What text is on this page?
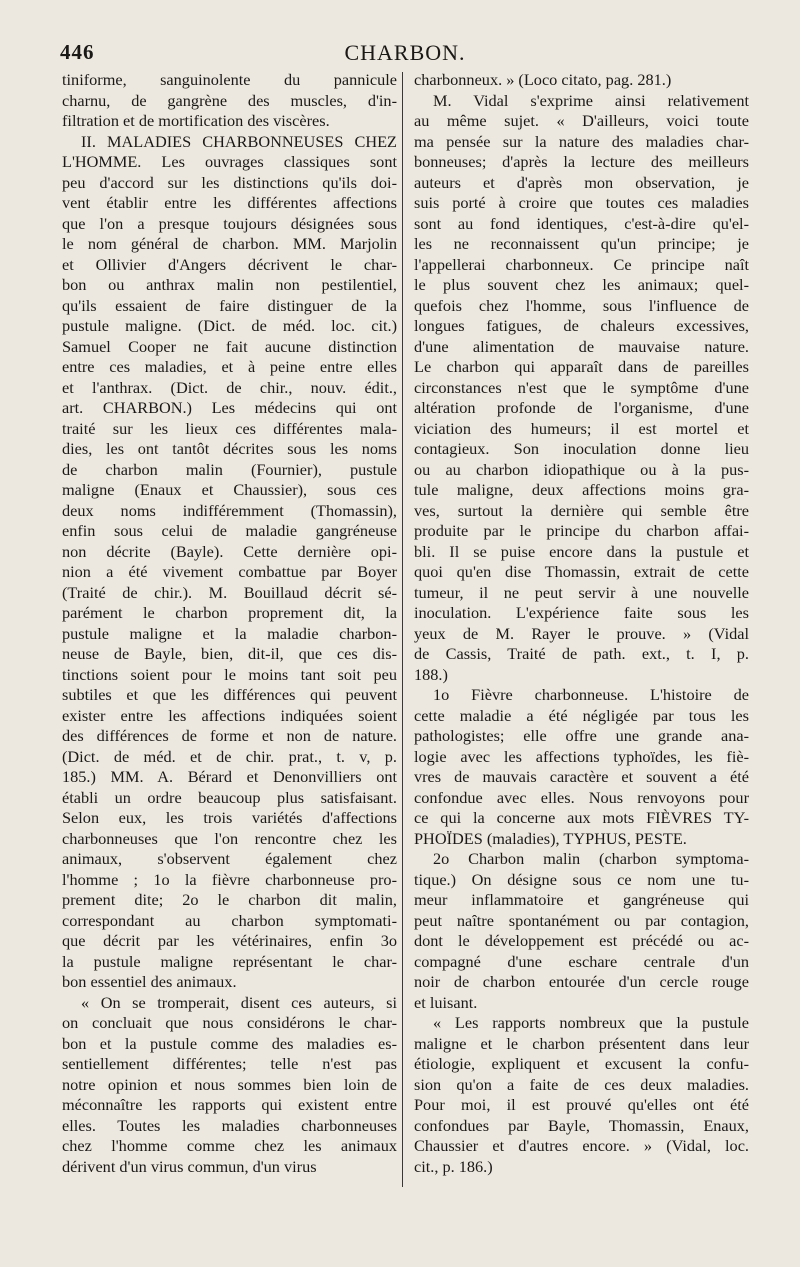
446	CHARBON.
tiniforme, sanguinolente du pannicule
charnu, de gangrène des muscles, d'in-
filtration et de mortification des viscères.
II. MALADIES CHARBONNEUSES CHEZ
L'HOMME. Les ouvrages classiques sont
peu d'accord sur les distinctions qu'ils doi-
vent établir entre les différentes affections
que l'on a presque toujours désignées sous
le nom général de charbon. MM. Marjolin
et Ollivier d'Angers décrivent le char-
bon ou anthrax malin non pestilentiel,
qu'ils essaient de faire distinguer de la
pustule maligne. (Dict. de méd. loc. cit.)
Samuel Cooper ne fait aucune distinction
entre ces maladies, et à peine entre elles
et l'anthrax. (Dict. de chir., nouv. édit.,
art. CHARBON.) Les médecins qui ont
traité sur les lieux ces différentes mala-
dies, les ont tantôt décrites sous les noms
de charbon malin (Fournier), pustule
maligne (Enaux et Chaussier), sous ces
deux noms indifféremment (Thomassin),
enfin sous celui de maladie gangréneuse
non décrite (Bayle). Cette dernière opi-
nion a été vivement combattue par Boyer
(Traité de chir.). M. Bouillaud décrit sé-
parément le charbon proprement dit, la
pustule maligne et la maladie charbon-
neuse de Bayle, bien, dit-il, que ces dis-
tinctions soient pour le moins tant soit peu
subtiles et que les différences qui peuvent
exister entre les affections indiquées soient
des différences de forme et non de nature.
(Dict. de méd. et de chir. prat., t. v, p.
185.) MM. A. Bérard et Denonvilliers ont
établi un ordre beaucoup plus satisfaisant.
Selon eux, les trois variétés d'affections
charbonneuses que l'on rencontre chez les
animaux, s'observent également chez
l'homme ; 1o la fièvre charbonneuse pro-
prement dite; 2o le charbon dit malin,
correspondant au charbon symptomati-
que décrit par les vétérinaires, enfin 3o
la pustule maligne représentant le char-
bon essentiel des animaux.
« On se tromperait, disent ces auteurs, si
on concluait que nous considérons le char-
bon et la pustule comme des maladies es-
sentiellement différentes; telle n'est pas
notre opinion et nous sommes bien loin de
méconnaître les rapports qui existent entre
elles. Toutes les maladies charbonneuses
chez l'homme comme chez les animaux
dérivent d'un virus commun, d'un virus
charbonneux. » (Loco citato, pag. 281.)
M. Vidal s'exprime ainsi relativement
au même sujet. « D'ailleurs, voici toute
ma pensée sur la nature des maladies char-
bonneuses; d'après la lecture des meilleurs
auteurs et d'après mon observation, je
suis porté à croire que toutes ces maladies
sont au fond identiques, c'est-à-dire qu'el-
les ne reconnaissent qu'un principe; je
l'appellerai charbonneux. Ce principe naît
le plus souvent chez les animaux; quel-
quefois chez l'homme, sous l'influence de
longues fatigues, de chaleurs excessives,
d'une alimentation de mauvaise nature.
Le charbon qui apparaît dans de pareilles
circonstances n'est que le symptôme d'une
altération profonde de l'organisme, d'une
viciation des humeurs; il est mortel et
contagieux. Son inoculation donne lieu
ou au charbon idiopathique ou à la pus-
tule maligne, deux affections moins gra-
ves, surtout la dernière qui semble être
produite par le principe du charbon affai-
bli. Il se puise encore dans la pustule et
quoi qu'en dise Thomassin, extrait de cette
tumeur, il ne peut servir à une nouvelle
inoculation. L'expérience faite sous les
yeux de M. Rayer le prouve. » (Vidal
de Cassis, Traité de path. ext., t. I, p.
188.)
1o Fièvre charbonneuse. L'histoire de
cette maladie a été négligée par tous les
pathologistes; elle offre une grande ana-
logie avec les affections typhoïdes, les fiè-
vres de mauvais caractère et souvent a été
confondue avec elles. Nous renvoyons pour
ce qui la concerne aux mots FIÈVRES TY-
PHOÏDES (maladies), TYPHUS, PESTE.
2o Charbon malin (charbon symptoma-
tique.) On désigne sous ce nom une tu-
meur inflammatoire et gangréneuse qui
peut naître spontanément ou par contagion,
dont le développement est précédé ou ac-
compagné d'une eschare centrale d'un
noir de charbon entourée d'un cercle rouge
et luisant.
« Les rapports nombreux que la pustule
maligne et le charbon présentent dans leur
étiologie, expliquent et excusent la confu-
sion qu'on a faite de ces deux maladies.
Pour moi, il est prouvé qu'elles ont été
confondues par Bayle, Thomassin, Enaux,
Chaussier et d'autres encore. » (Vidal, loc.
cit., p. 186.)
